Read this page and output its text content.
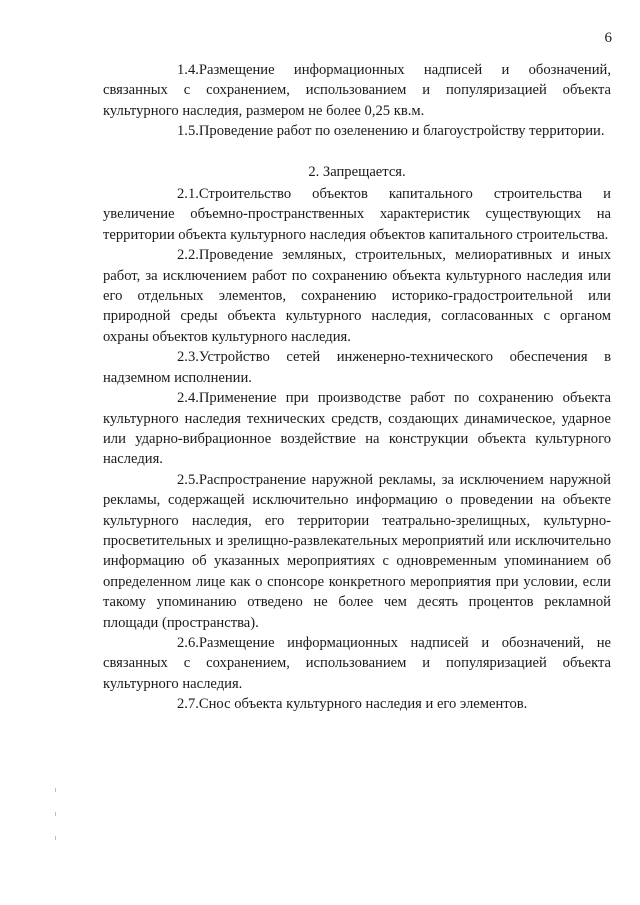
6

1.4.Размещение информационных надписей и обозначений, связанных с сохранением, использованием и популяризацией объекта культурного наследия, размером не более 0,25 кв.м.

1.5.Проведение работ по озеленению и благоустройству территории.

2. Запрещается.

2.1.Строительство объектов капитального строительства и увеличение объемно-пространственных характеристик существующих на территории объекта культурного наследия объектов капитального строительства.

2.2.Проведение земляных, строительных, мелиоративных и иных работ, за исключением работ по сохранению объекта культурного наследия или его отдельных элементов, сохранению историко-градостроительной или природной среды объекта культурного наследия, согласованных с органом охраны объектов культурного наследия.

2.3.Устройство сетей инженерно-технического обеспечения в надземном исполнении.

2.4.Применение при производстве работ по сохранению объекта культурного наследия технических средств, создающих динамическое, ударное или ударно-вибрационное воздействие на конструкции объекта культурного наследия.

2.5.Распространение наружной рекламы, за исключением наружной рекламы, содержащей исключительно информацию о проведении на объекте культурного наследия, его территории театрально-зрелищных, культурно-просветительных и зрелищно-развлекательных мероприятий или исключительно информацию об указанных мероприятиях с одновременным упоминанием об определенном лице как о спонсоре конкретного мероприятия при условии, если такому упоминанию отведено не более чем десять процентов рекламной площади (пространства).

2.6.Размещение информационных надписей и обозначений, не связанных с сохранением, использованием и популяризацией объекта культурного наследия.

2.7.Снос объекта культурного наследия и его элементов.
